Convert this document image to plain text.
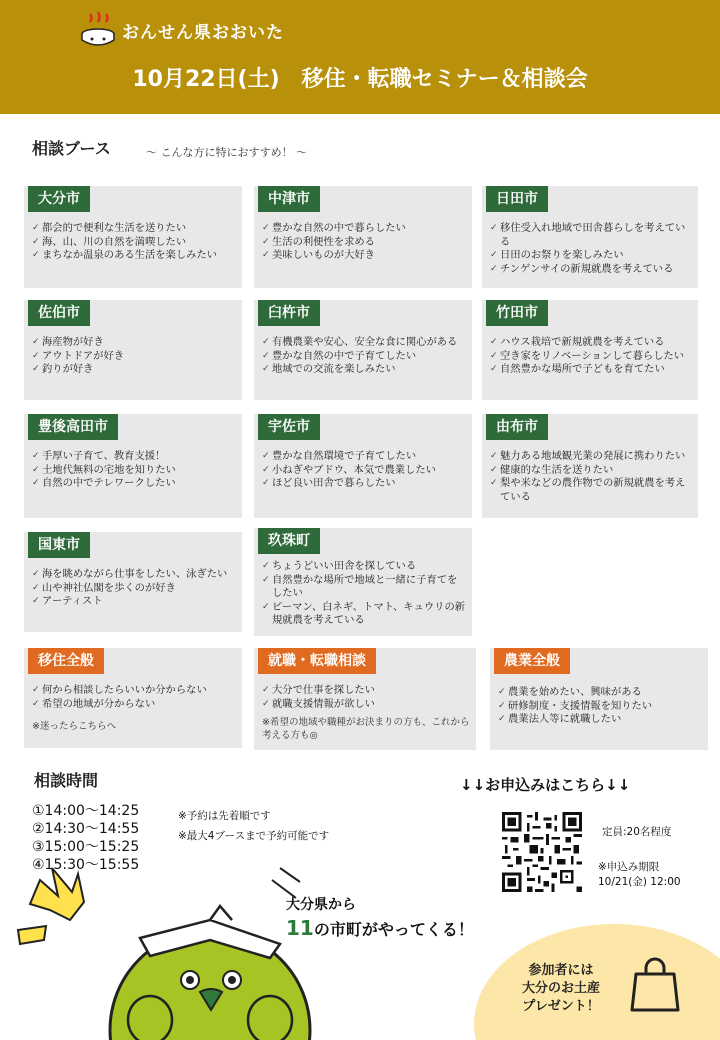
おんせん県おおいた
10月22日(土)　移住・転職セミナー＆相談会
相談ブース	〜 こんな方に特におすすめ！ 〜
大分市
✓ 都会的で便利な生活を送りたい
✓ 海、山、川の自然を満喫したい
✓ まちなか温泉のある生活を楽しみたい
中津市
✓ 豊かな自然の中で暮らしたい
✓ 生活の利便性を求める
✓ 美味しいものが大好き
日田市
✓ 移住受入れ地域で田舎暮らしを考えている
✓ 日田のお祭りを楽しみたい
✓ チンゲンサイの新規就農を考えている
佐伯市
✓ 海産物が好き
✓ アウトドアが好き
✓ 釣りが好き
臼杵市
✓ 有機農業や安心、安全な食に関心がある
✓ 豊かな自然の中で子育てしたい
✓ 地域での交流を楽しみたい
竹田市
✓ ハウス栽培で新規就農を考えている
✓ 空き家をリノベーションして暮らしたい
✓ 自然豊かな場所で子どもを育てたい
豊後高田市
✓ 手厚い子育て、教育支援！
✓ 土地代無料の宅地を知りたい
✓ 自然の中でテレワークしたい
宇佐市
✓ 豊かな自然環境で子育てしたい
✓ 小ねぎやブドウ、本気で農業したい
✓ ほど良い田舎で暮らしたい
由布市
✓ 魅力ある地域観光業の発展に携わりたい
✓ 健康的な生活を送りたい
✓ 梨や米などの農作物での新規就農を考えている
国東市
✓ 海を眺めながら仕事をしたい、泳ぎたい
✓ 山や神社仏閣を歩くのが好き
✓ アーティスト
玖珠町
✓ ちょうどいい田舎を探している
✓ 自然豊かな場所で地域と一緒に子育てをしたい
✓ ピーマン、白ネギ、トマト、キュウリの新規就農を考えている
移住全般
✓ 何から相談したらいいか分からない
✓ 希望の地域が分からない
※迷ったらこちらへ
就職・転職相談
✓ 大分で仕事を探したい
✓ 就職支援情報が欲しい
※希望の地域や職種がお決まりの方も、これから考える方も◎
農業全般
✓ 農業を始めたい、興味がある
✓ 研修制度・支援情報を知りたい
✓ 農業法人等に就職したい
相談時間
①14:00〜14:25
②14:30〜14:55
③15:00〜15:25
④15:30〜15:55
※予約は先着順です
※最大4ブースまで予約可能です
↓↓お申込みはこちら↓↓
定員:20名程度
※申込み期限
10/21(金) 12:00
大分県から
11の市町がやってくる！
参加者には
大分のお土産
プレゼント！
